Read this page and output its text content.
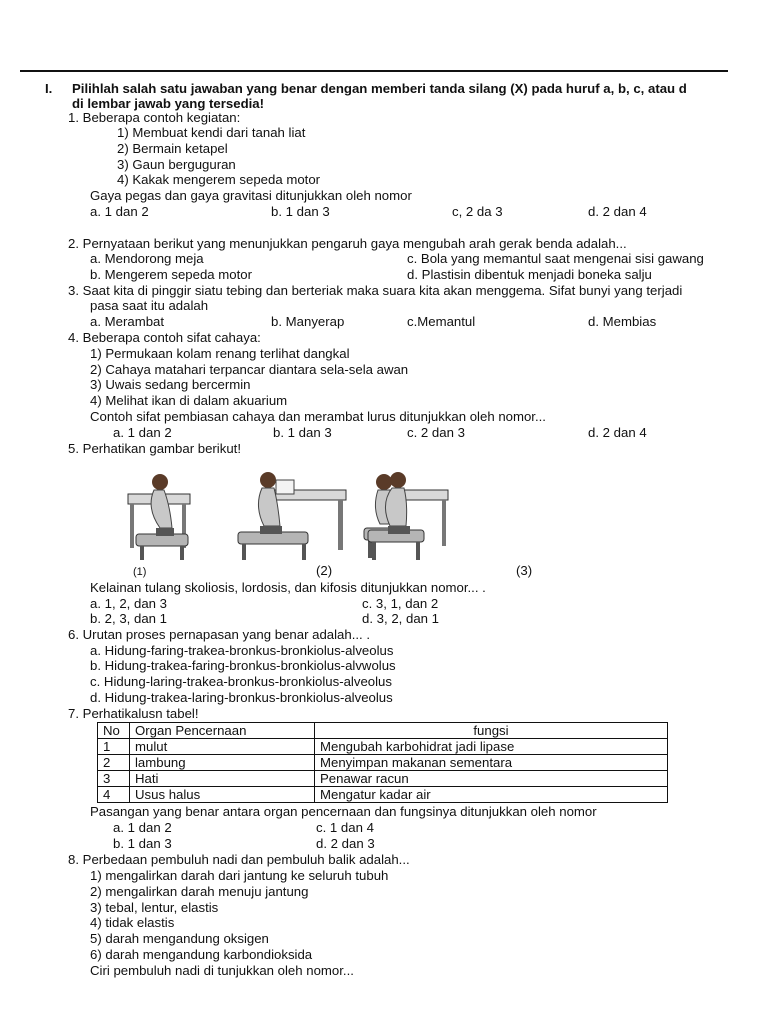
I. Pilihlah salah satu jawaban yang benar dengan memberi tanda silang (X) pada huruf a, b, c, atau d
di lembar jawab yang tersedia!
1. Beberapa contoh kegiatan:
1) Membuat kendi dari tanah liat
2) Bermain ketapel
3) Gaun berguguran
4) Kakak mengerem sepeda motor
Gaya pegas dan gaya gravitasi ditunjukkan oleh nomor
a. 1 dan 2	b. 1 dan 3	c, 2 da 3	d. 2 dan 4
2. Pernyataan berikut yang menunjukkan pengaruh gaya mengubah arah gerak benda adalah...
a. Mendorong meja	c. Bola yang memantul saat mengenai sisi gawang
b. Mengerem sepeda motor	d. Plastisin dibentuk menjadi boneka salju
3. Saat kita di pinggir siatu tebing dan berteriak maka suara kita akan menggema. Sifat bunyi yang terjadi
pasa saat itu adalah
a. Merambat	b. Manyerap	c.Memantul	d. Membias
4. Beberapa contoh sifat cahaya:
1) Permukaan kolam renang terlihat dangkal
2) Cahaya matahari terpancar diantara sela-sela awan
3) Uwais sedang bercermin
4) Melihat ikan di dalam akuarium
Contoh sifat pembiasan cahaya dan merambat lurus ditunjukkan oleh nomor...
a. 1 dan 2	b. 1 dan 3	c. 2 dan 3	d. 2 dan 4
5. Perhatikan gambar berikut!
(1)	(2)	(3)
Kelainan tulang skoliosis, lordosis, dan kifosis ditunjukkan nomor... .
a. 1, 2, dan 3	c. 3, 1, dan 2
b. 2, 3, dan 1	d. 3, 2, dan 1
6. Urutan proses pernapasan yang benar adalah... .
a. Hidung-faring-trakea-bronkus-bronkiolus-alveolus
b. Hidung-trakea-faring-bronkus-bronkiolus-alvwolus
c. Hidung-laring-trakea-bronkus-bronkiolus-alveolus
d. Hidung-trakea-laring-bronkus-bronkiolus-alveolus
7. Perhatikalusn tabel!
No	Organ Pencernaan	fungsi
1	mulut	Mengubah karbohidrat jadi lipase
2	lambung	Menyimpan makanan sementara
3	Hati	Penawar racun
4	Usus halus	Mengatur kadar air
Pasangan yang benar antara organ pencernaan dan fungsinya ditunjukkan oleh nomor
a. 1 dan 2	c. 1 dan 4
b. 1 dan 3	d. 2 dan 3
8. Perbedaan pembuluh nadi dan pembuluh balik adalah...
1) mengalirkan darah dari jantung ke seluruh tubuh
2) mengalirkan darah menuju jantung
3) tebal, lentur, elastis
4) tidak elastis
5) darah mengandung oksigen
6) darah mengandung karbondioksida
Ciri pembuluh nadi di tunjukkan oleh nomor...
